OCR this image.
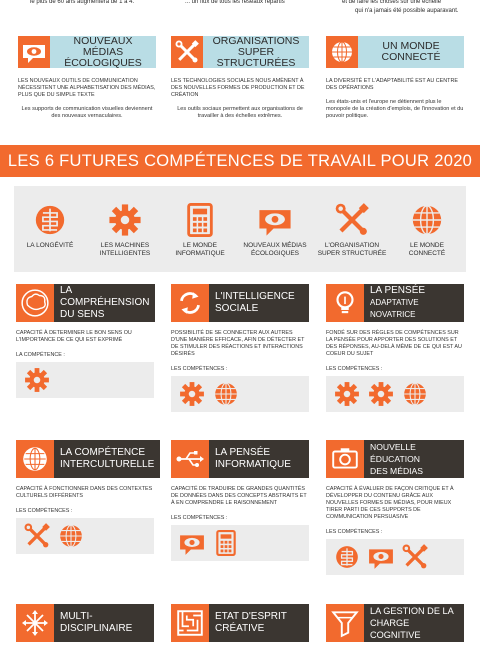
le plus de 60 ans augmentera de 1 à 4.	... un flux de tous les réseaux répartis	et de faire les choses sur une échelle
qui n'a jamais été possible auparavant.
NOUVEAUX MÉDIAS
ÉCOLOGIQUES
LES NOUVEAUX OUTILS DE COMMUNICATION NÉCESSITENT UNE ALPHABETISATION DES MÉDIAS, PLUS QUE DU SIMPLE TEXTE
Les supports de communication visuelles deviennent des nouveaux vernaculaires.
ORGANISATIONS
SUPER STRUCTURÉES
LES TECHNOLOGIES SOCIALES NOUS AMÈNENT À DES NOUVELLES FORMES DE PRODUCTION ET DE CRÉATION
Les outils sociaux permettent aux organisations de travailler à des échelles extrêmes.
UN MONDE
CONNECTÉ
LA DIVERSITÉ ET L'ADAPTABILITÉ EST AU CENTRE DES OPÉRATIONS
Les états-unis et l'europe ne détiennent plus le monopole de la création d'emplois, de l'innovation et du pouvoir politique.
LES 6 FUTURES COMPÉTENCES DE TRAVAIL POUR 2020
LA LONGÉVITÉ	LES MACHINES
INTELLIGENTES
LE MONDE
INFORMATIQUE
NOUVEAUX MÉDIAS
ÉCOLOGIQUES
L'ORGANISATION
SUPER STRUCTURÉE
LE MONDE
CONNECTÉ
LA COMPRÉHENSION
DU SENS
CAPACITÉ À DETERMINER LE BON SENS OU L'IMPORTANCE DE CE QUI EST EXPRIMÉ
LA COMPÉTENCE :
L'INTELLIGENCE
SOCIALE
POSSIBILITÉ DE SE CONNECTER AUX AUTRES D'UNE MANIÈRE EFFICACE, AFIN DE DÉTECTER ET DE STIMULER DES RÉACTIONS ET INTERACTIONS DÉSIRÉS
LES COMPÉTENCES :
LA PENSÉE
ADAPTATIVE NOVATRICE
FONDÉ SUR DES RÈGLES DE COMPÉTENCES SUR LA PENSÉE POUR APPORTER DES SOLUTIONS ET DES RÉPONSES, AU-DELÀ MÊME DE CE QUI EST AU COEUR DU SUJET
LES COMPÉTENCES :
LA COMPÉTENCE
INTERCULTURELLE
CAPACITÉ À FONCTIONNER DANS DES CONTEXTES CULTURELS DIFFÉRENTS
LES COMPÉTENCES :
LA PENSÉE
INFORMATIQUE
CAPACITÉ DE TRADUIRE DE GRANDES QUANTITÉS DE DONNÉES DANS DES CONCEPTS ABSTRAITS ET À EN COMPRENDRE LE RAISONNEMENT
LES COMPÉTENCES :
NOUVELLE ÉDUCATION
DES MÉDIAS
CAPACITÉ À ÉVALUER DE FAÇON CRITIQUE ET À DÉVELOPPER DU CONTENU GRÂCE AUX NOUVELLES FORMES DE MÉDIAS, POUR MIEUX TIRER PARTI DE CES SUPPORTS DE COMMUNICATION PERSUASIVE
LES COMPÉTENCES :
MULTI-DISCIPLINAIRE
ETAT D'ESPRIT
CRÉATIVE
LA GESTION DE LA
CHARGE COGNITIVE
